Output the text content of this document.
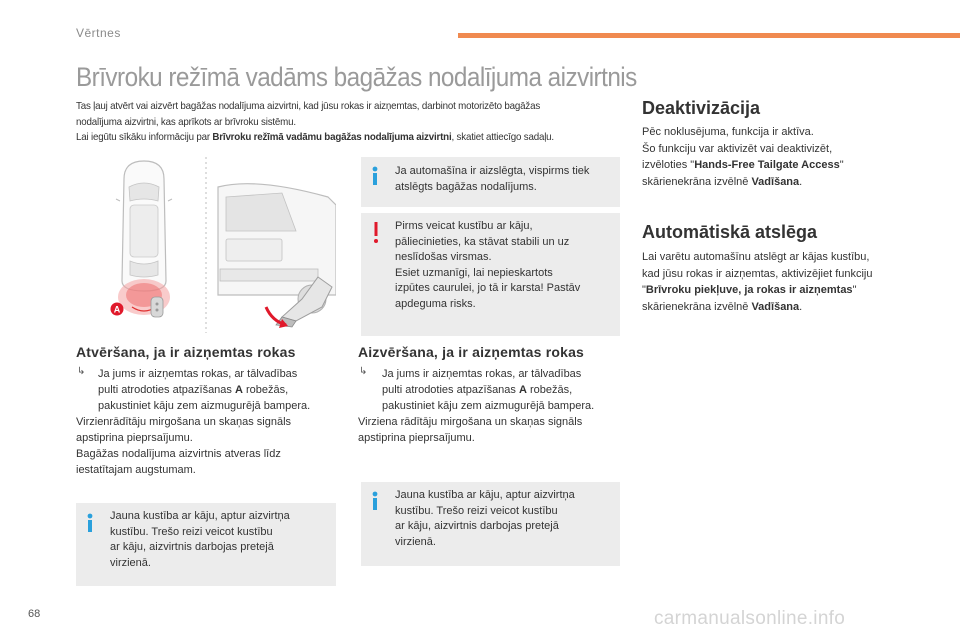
Vērtnes
Brīvroku režīmā vadāms bagāžas nodalījuma aizvirtnis
Tas ļauj atvērt vai aizvērt bagāžas nodalījuma aizvirtni, kad jūsu rokas ir aizņemtas, darbinot motorizēto bagāžas
nodalījuma aizvirtni, kas aprīkots ar brīvroku sistēmu.
Lai iegūtu sīkāku informāciju par Brīvroku režīmā vadāmu bagāžas nodalījuma aizvirtni, skatiet attiecīgo sadaļu.
A
Ja automašīna ir aizslēgta, vispirms tiek
atslēgts bagāžas nodalījums.
Pirms veicat kustību ar kāju,
pāliecinieties, ka stāvat stabili un uz
neslīdošas virsmas.
Esiet uzmanīgi, lai nepieskartots
izpūtes caurulei, jo tā ir karsta! Pastāv
apdeguma risks.
Atvēršana, ja ir aizņemtas rokas
↳ Ja jums ir aizņemtas rokas, ar tālvadības
pulti atrodoties atpazīšanas A robežās,
pakustiniet kāju zem aizmugurējā bampera.
Virzienrādītāju mirgošana un skaņas signāls
apstiprina pieprsaījumu.
Bagāžas nodalījuma aizvirtnis atveras līdz
iestatītajam augstumam.
Jauna kustība ar kāju, aptur aizvirtņa
kustību. Trešo reizi veicot kustību
ar kāju, aizvirtnis darbojas pretejā
virzienā.
Aizvēršana, ja ir aizņemtas rokas
↳ Ja jums ir aizņemtas rokas, ar tālvadības
pulti atrodoties atpazīšanas A robežās,
pakustiniet kāju zem aizmugurējā bampera.
Virziena rādītāju mirgošana un skaņas signāls
apstiprina pieprsaījumu.
Jauna kustība ar kāju, aptur aizvirtņa
kustību. Trešo reizi veicot kustību
ar kāju, aizvirtnis darbojas pretejā
virzienā.
Deaktivizācija
Pēc noklusējuma, funkcija ir aktīva.
Šo funkciju var aktivizēt vai deaktivizēt,
izvēloties "Hands-Free Tailgate Access"
skārienekrāna izvēlnē Vadīšana.
Automātiskā atslēga
Lai varētu automašīnu atslēgt ar kājas kustību,
kad jūsu rokas ir aizņemtas, aktivizējiet funkciju
"Brīvroku piekļuve, ja rokas ir aizņemtas"
skārienekrāna izvēlnē Vadīšana.
68	carmanualsonline.info
